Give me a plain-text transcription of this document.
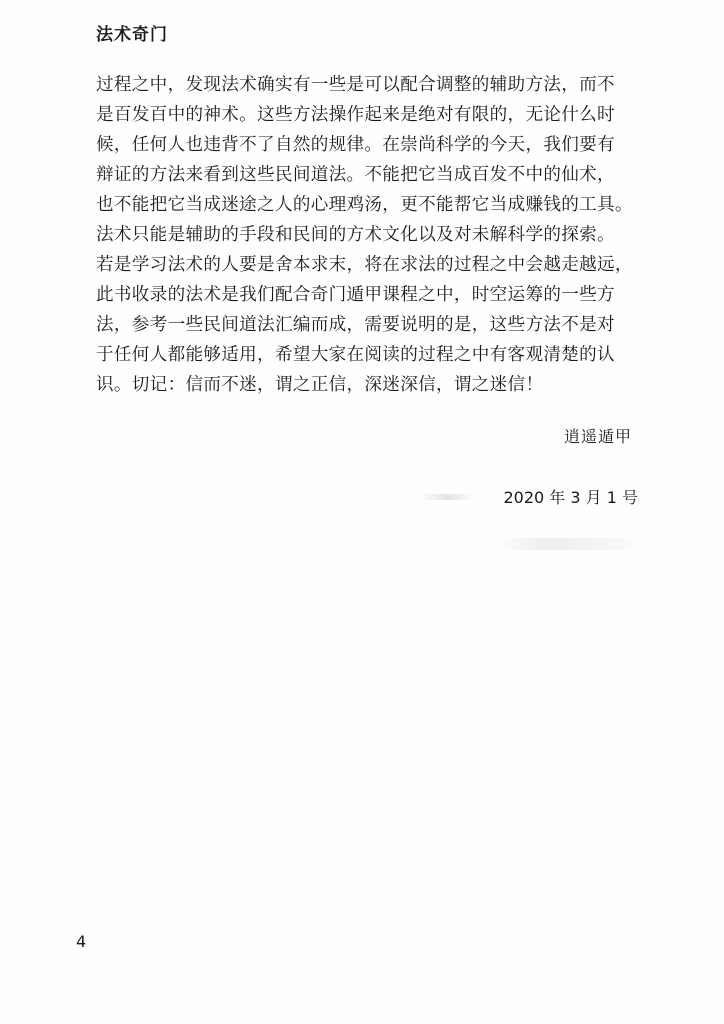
法术奇门
过程之中，发现法术确实有一些是可以配合调整的辅助方法，而不
是百发百中的神术。这些方法操作起来是绝对有限的，无论什么时
候，任何人也违背不了自然的规律。在崇尚科学的今天，我们要有
辩证的方法来看到这些民间道法。不能把它当成百发不中的仙术，
也不能把它当成迷途之人的心理鸡汤，更不能帮它当成赚钱的工具。
法术只能是辅助的手段和民间的方术文化以及对未解科学的探索。
若是学习法术的人要是舍本求末，将在求法的过程之中会越走越远，
此书收录的法术是我们配合奇门遁甲课程之中，时空运筹的一些方
法，参考一些民间道法汇编而成，需要说明的是，这些方法不是对
于任何人都能够适用，希望大家在阅读的过程之中有客观清楚的认
识。切记：信而不迷，谓之正信，深迷深信，谓之迷信！
逍遥遁甲
2020 年 3 月 1 号
4
